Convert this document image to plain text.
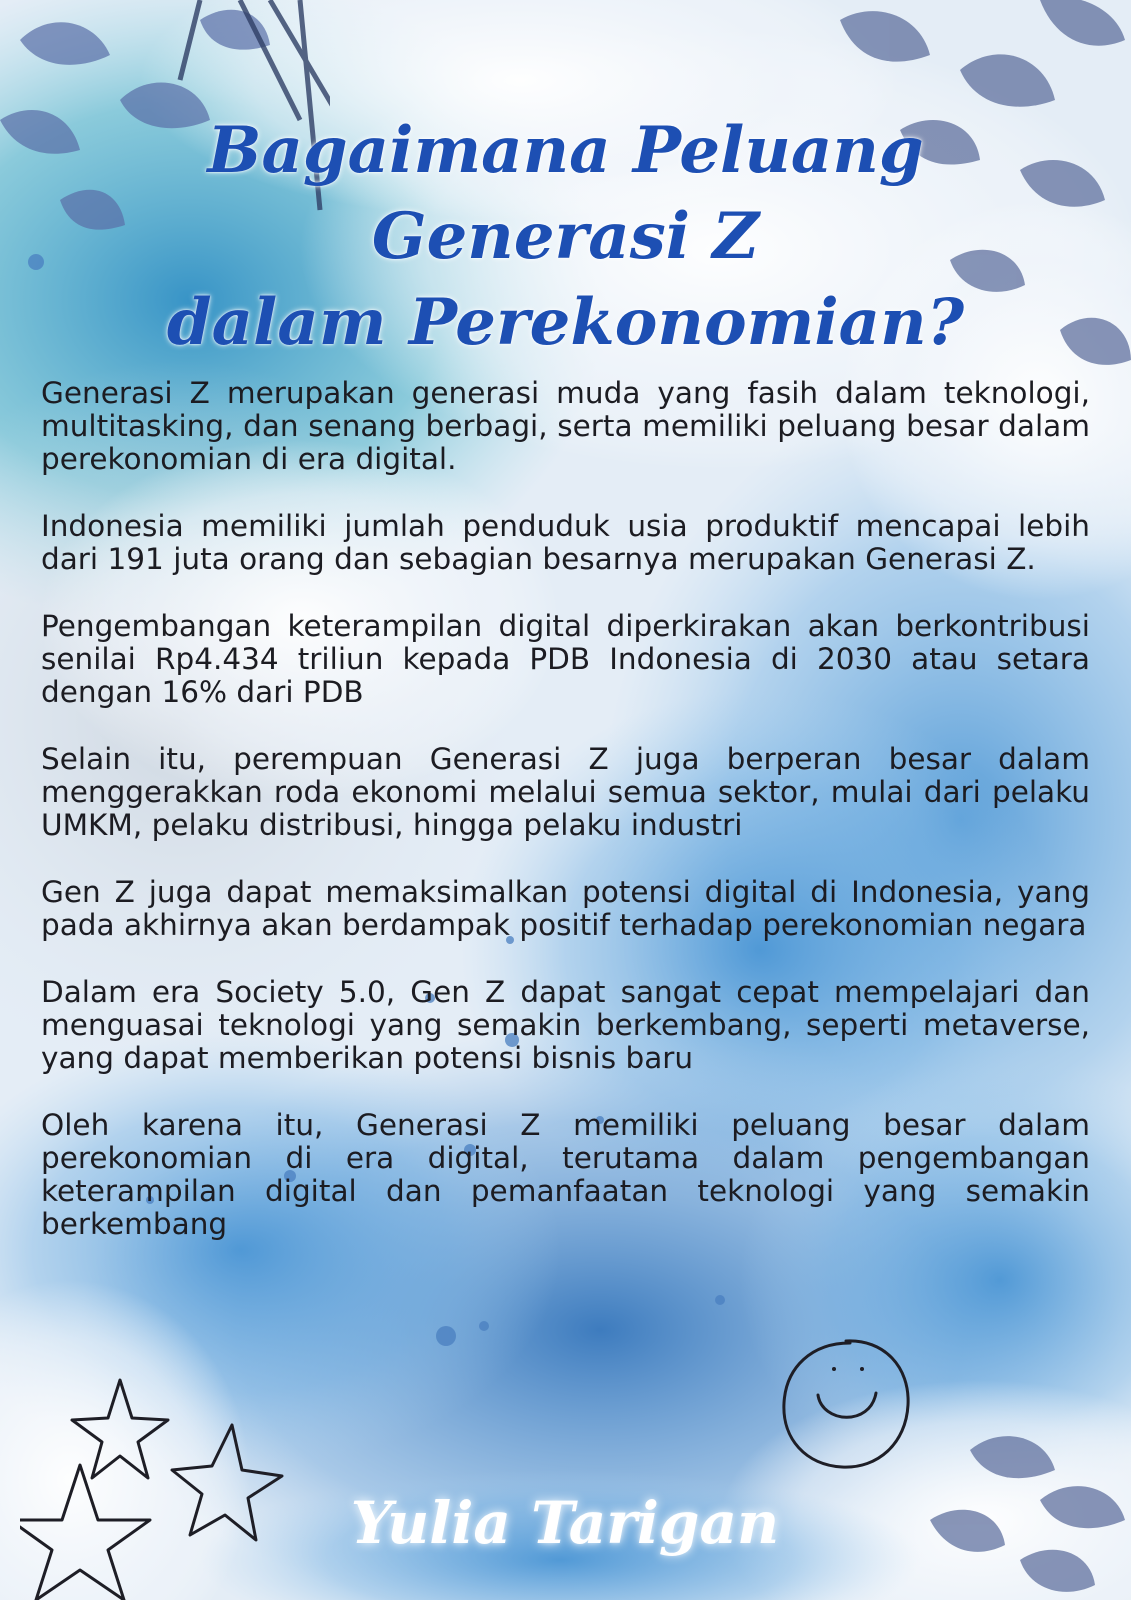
Bagaimana Peluang Generasi Z
dalam Perekonomian?

Generasi Z merupakan generasi muda yang fasih dalam teknologi, multitasking, dan senang berbagi, serta memiliki peluang besar dalam perekonomian di era digital.

Indonesia memiliki jumlah penduduk usia produktif mencapai lebih dari 191 juta orang dan sebagian besarnya merupakan Generasi Z.

Pengembangan keterampilan digital diperkirakan akan berkontribusi senilai Rp4.434 triliun kepada PDB Indonesia di 2030 atau setara dengan 16% dari PDB

Selain itu, perempuan Generasi Z juga berperan besar dalam menggerakkan roda ekonomi melalui semua sektor, mulai dari pelaku UMKM, pelaku distribusi, hingga pelaku industri

Gen Z juga dapat memaksimalkan potensi digital di Indonesia, yang pada akhirnya akan berdampak positif terhadap perekonomian negara

Dalam era Society 5.0, Gen Z dapat sangat cepat mempelajari dan menguasai teknologi yang semakin berkembang, seperti metaverse, yang dapat memberikan potensi bisnis baru

Oleh karena itu, Generasi Z memiliki peluang besar dalam perekonomian di era digital, terutama dalam pengembangan keterampilan digital dan pemanfaatan teknologi yang semakin berkembang

Yulia Tarigan
